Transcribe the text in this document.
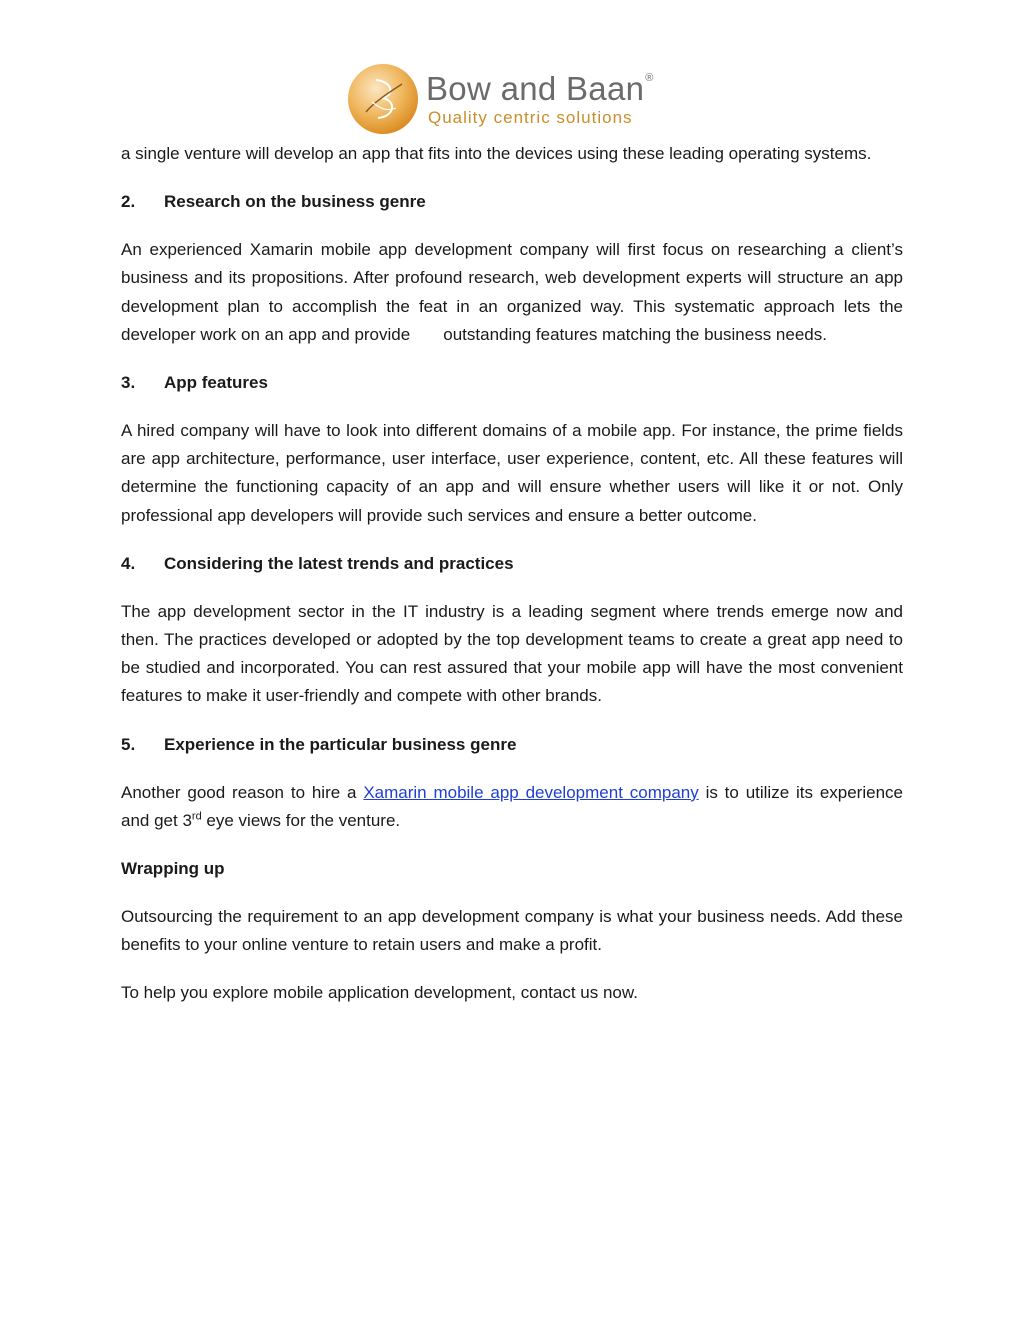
Bow and Baan®
Quality centric solutions

a single venture will develop an app that fits into the devices using these leading operating systems.

2.	Research on the business genre

An experienced Xamarin mobile app development company will first focus on researching a client’s business and its propositions. After profound research, web development experts will structure an app development plan to accomplish the feat in an organized way. This systematic approach lets the developer work on an app and provide       outstanding features matching the business needs.

3.	App features

A hired company will have to look into different domains of a mobile app. For instance, the prime fields are app architecture, performance, user interface, user experience, content, etc. All these features will determine the functioning capacity of an app and will ensure whether users will like it or not. Only professional app developers will provide such services and ensure a better outcome.

4.	Considering the latest trends and practices

The app development sector in the IT industry is a leading segment where trends emerge now and then. The practices developed or adopted by the top development teams to create a great app need to be studied and incorporated. You can rest assured that your mobile app will have the most convenient features to make it user-friendly and compete with other brands.

5.	Experience in the particular business genre

Another good reason to hire a Xamarin mobile app development company is to utilize its experience and get 3rd eye views for the venture.

Wrapping up

Outsourcing the requirement to an app development company is what your business needs. Add these benefits to your online venture to retain users and make a profit.

To help you explore mobile application development, contact us now.
